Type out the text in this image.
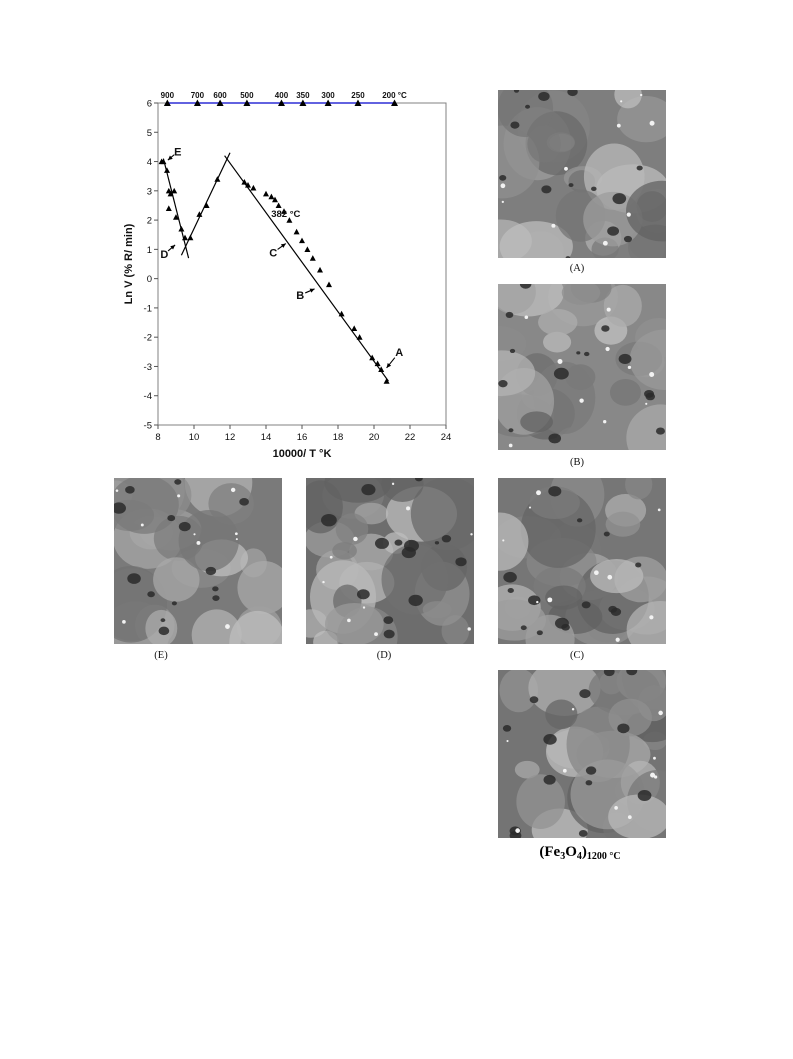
8	10	12	14	16	18	20	22	24
-5
-4
-3
-2
-1
0
1
2
3
4
5
6
10000/ T °K
Ln V (% R/ min)
900 700 600 500	400 350 300 250 200 °C
E
382 °C
C
D
B
A
(A)
(B)
(E)	(D)	(C)
$(Fe_3O_4)_{1200 ^\circ C}$
